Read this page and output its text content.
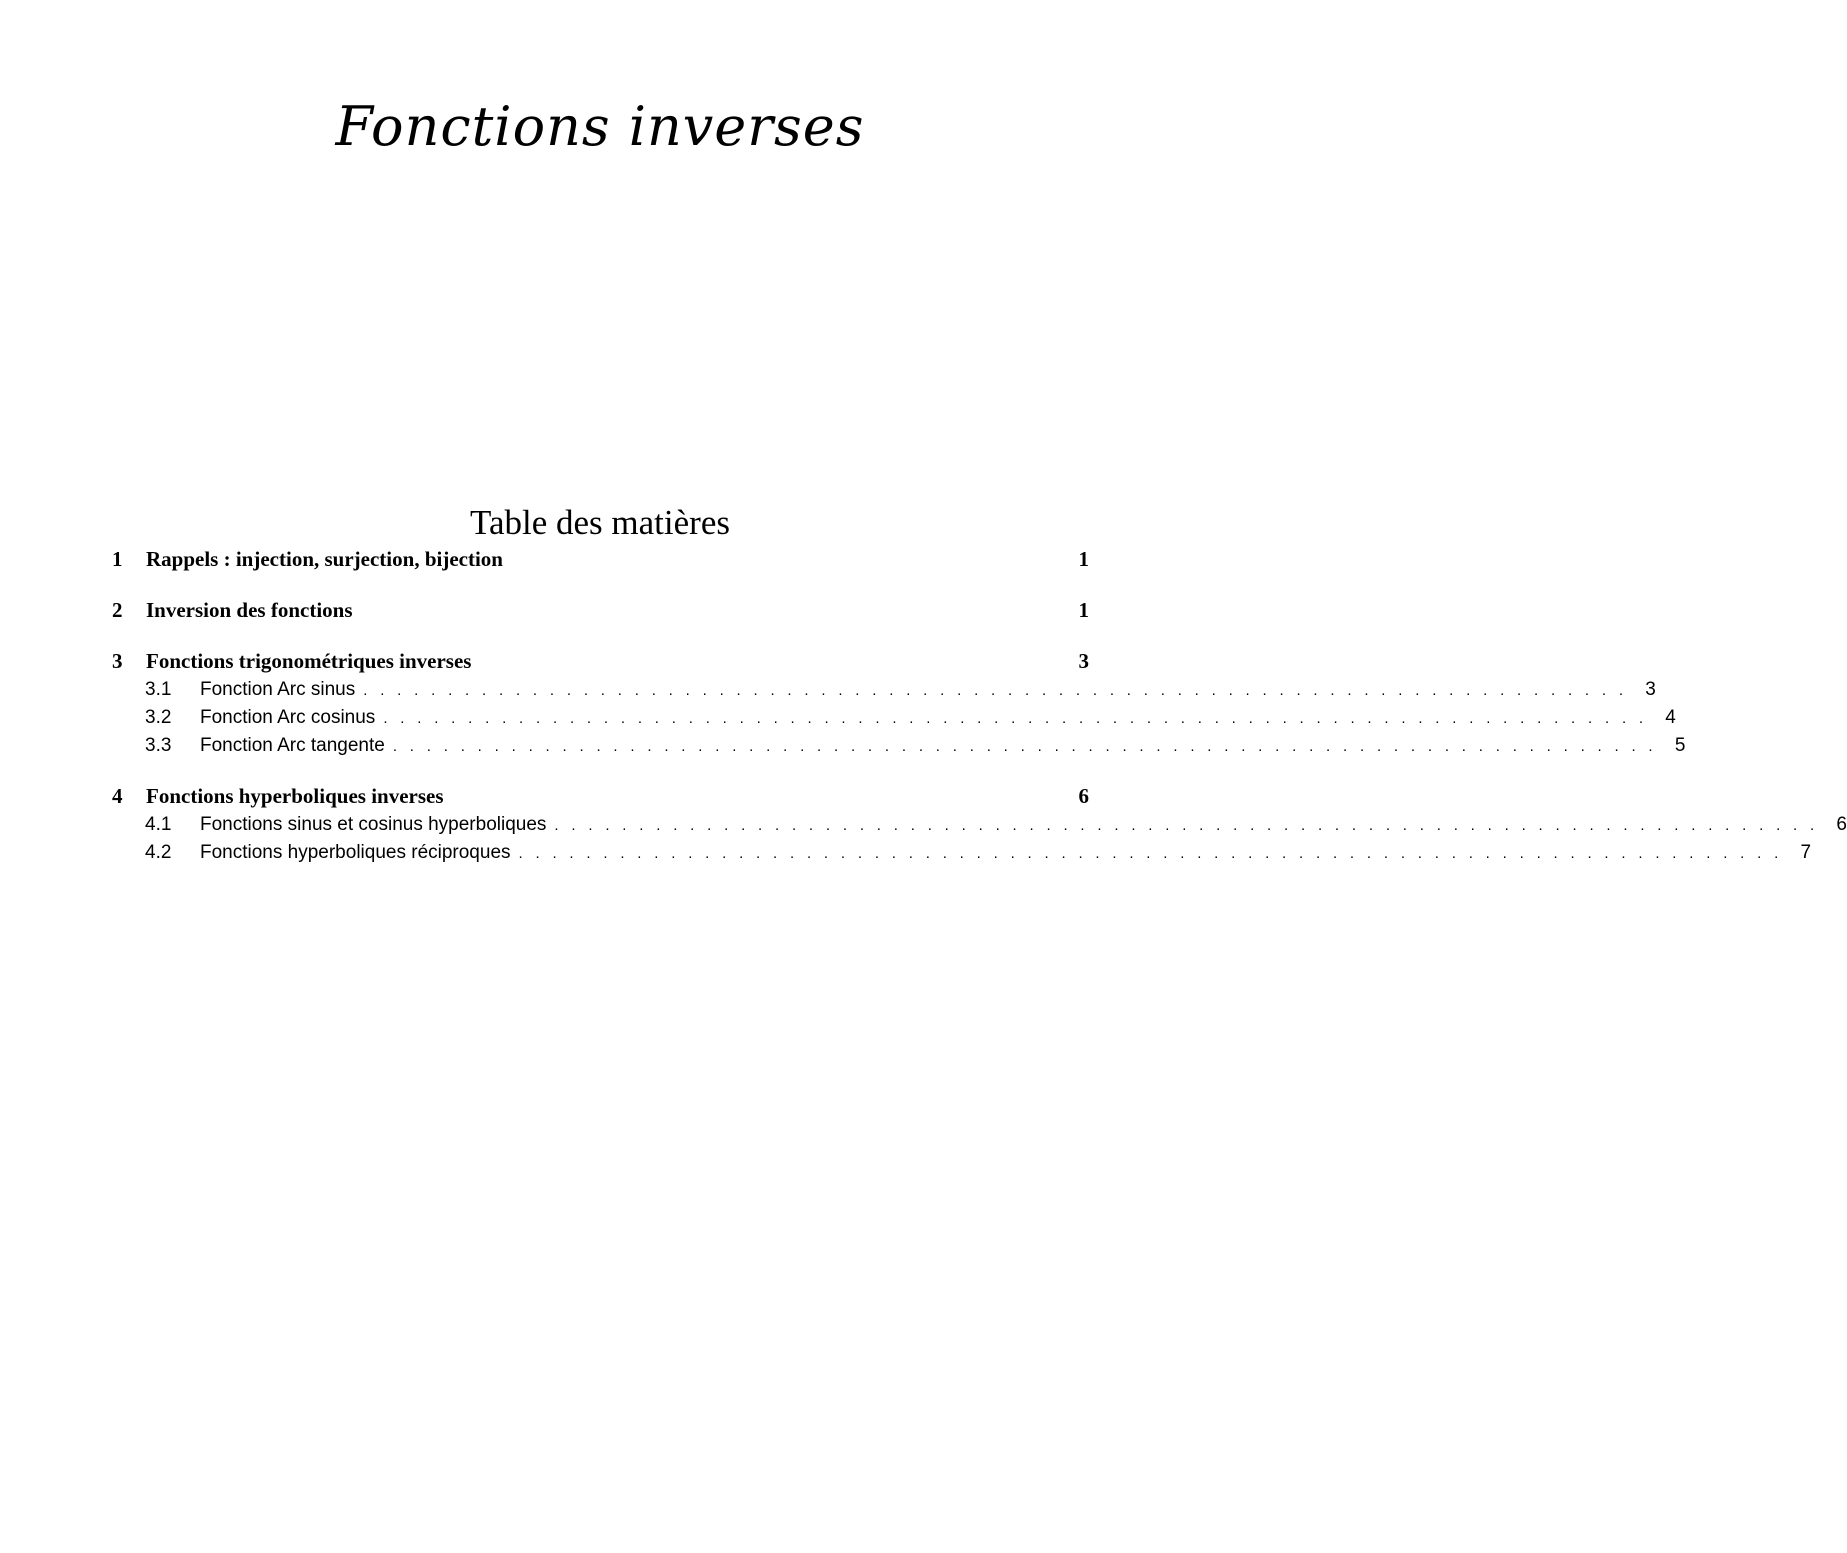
Fonctions inverses
Table des matières
1	Rappels : injection, surjection, bijection	1
2	Inversion des fonctions	1
3	Fonctions trigonométriques inverses	3
3.1	Fonction Arc sinus ........................................................................... 3
3.2	Fonction Arc cosinus ........................................................................... 4
3.3	Fonction Arc tangente ........................................................................... 5
4	Fonctions hyperboliques inverses	6
4.1	Fonctions sinus et cosinus hyperboliques ........................................................................... 6
4.2	Fonctions hyperboliques réciproques ........................................................................... 7
